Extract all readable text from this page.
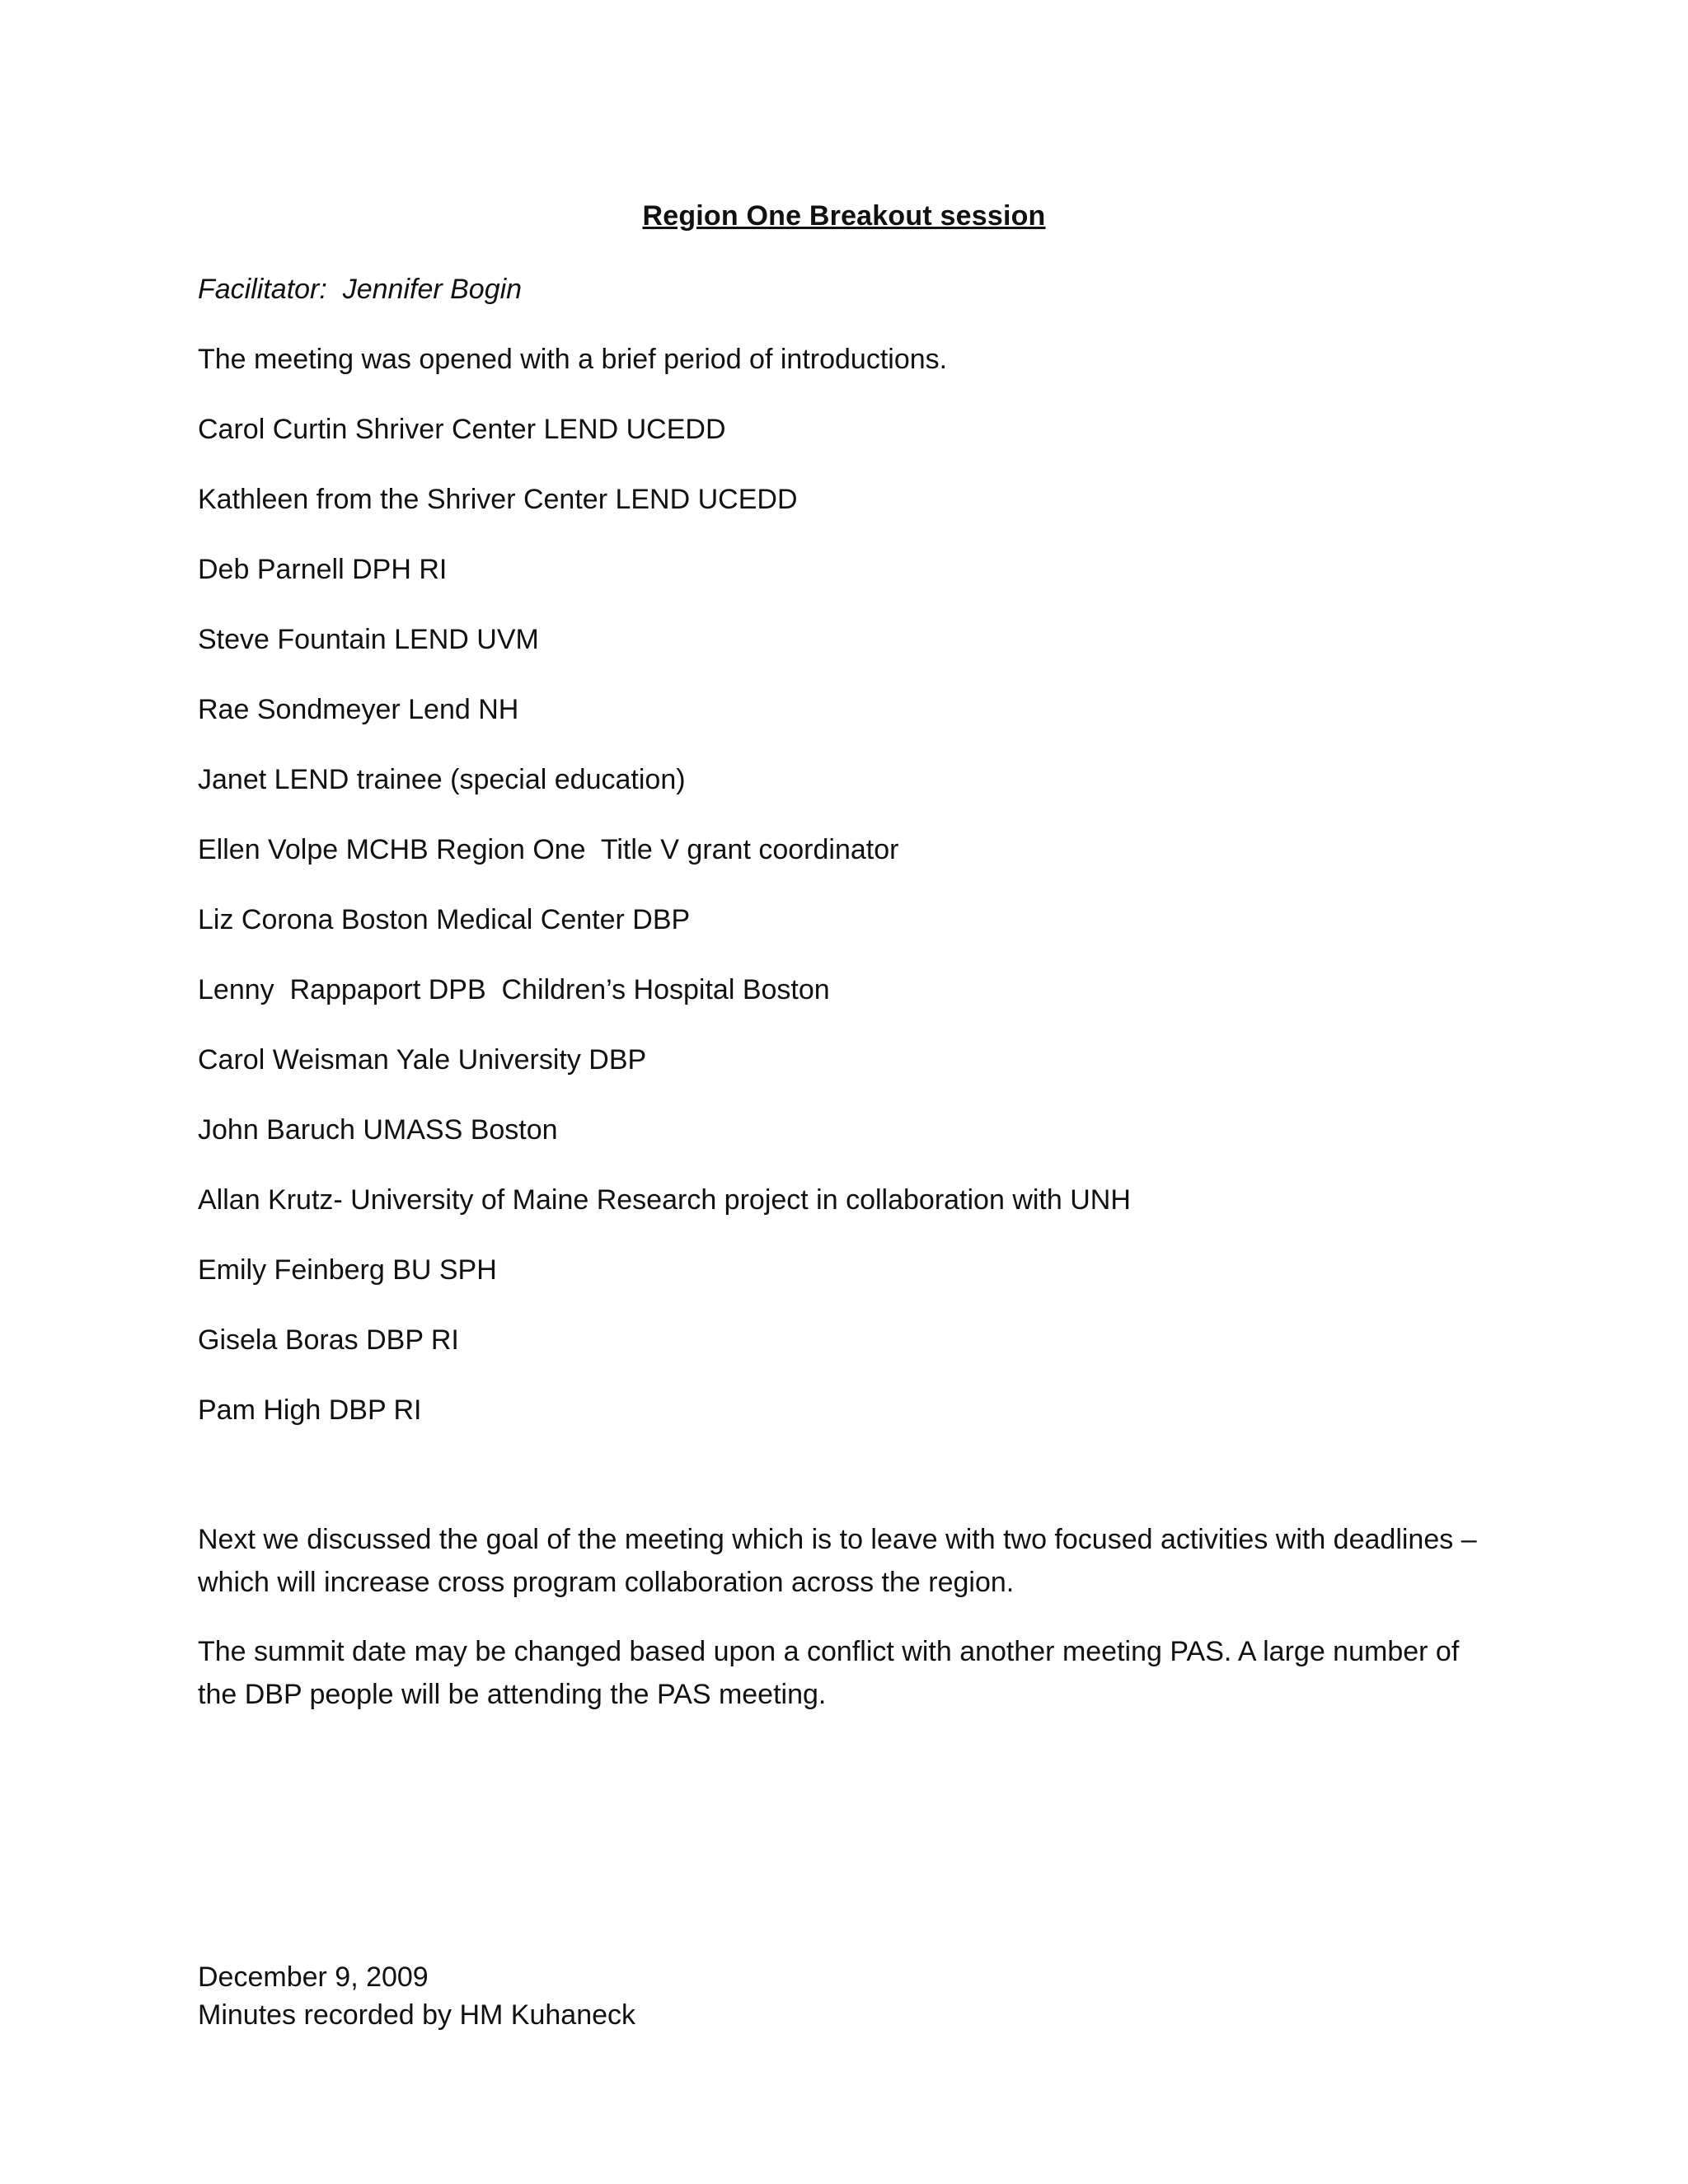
Region One Breakout session

Facilitator:  Jennifer Bogin

The meeting was opened with a brief period of introductions.

Carol Curtin Shriver Center LEND UCEDD

Kathleen from the Shriver Center LEND UCEDD

Deb Parnell DPH RI

Steve Fountain LEND UVM

Rae Sondmeyer Lend NH

Janet LEND trainee (special education)

Ellen Volpe MCHB Region One  Title V grant coordinator

Liz Corona Boston Medical Center DBP

Lenny  Rappaport DPB  Children’s Hospital Boston

Carol Weisman Yale University DBP

John Baruch UMASS Boston

Allan Krutz- University of Maine Research project in collaboration with UNH

Emily Feinberg BU SPH

Gisela Boras DBP RI

Pam High DBP RI

Next we discussed the goal of the meeting which is to leave with two focused activities with deadlines – which will increase cross program collaboration across the region.

The summit date may be changed based upon a conflict with another meeting PAS. A large number of the DBP people will be attending the PAS meeting.

December 9, 2009
Minutes recorded by HM Kuhaneck
